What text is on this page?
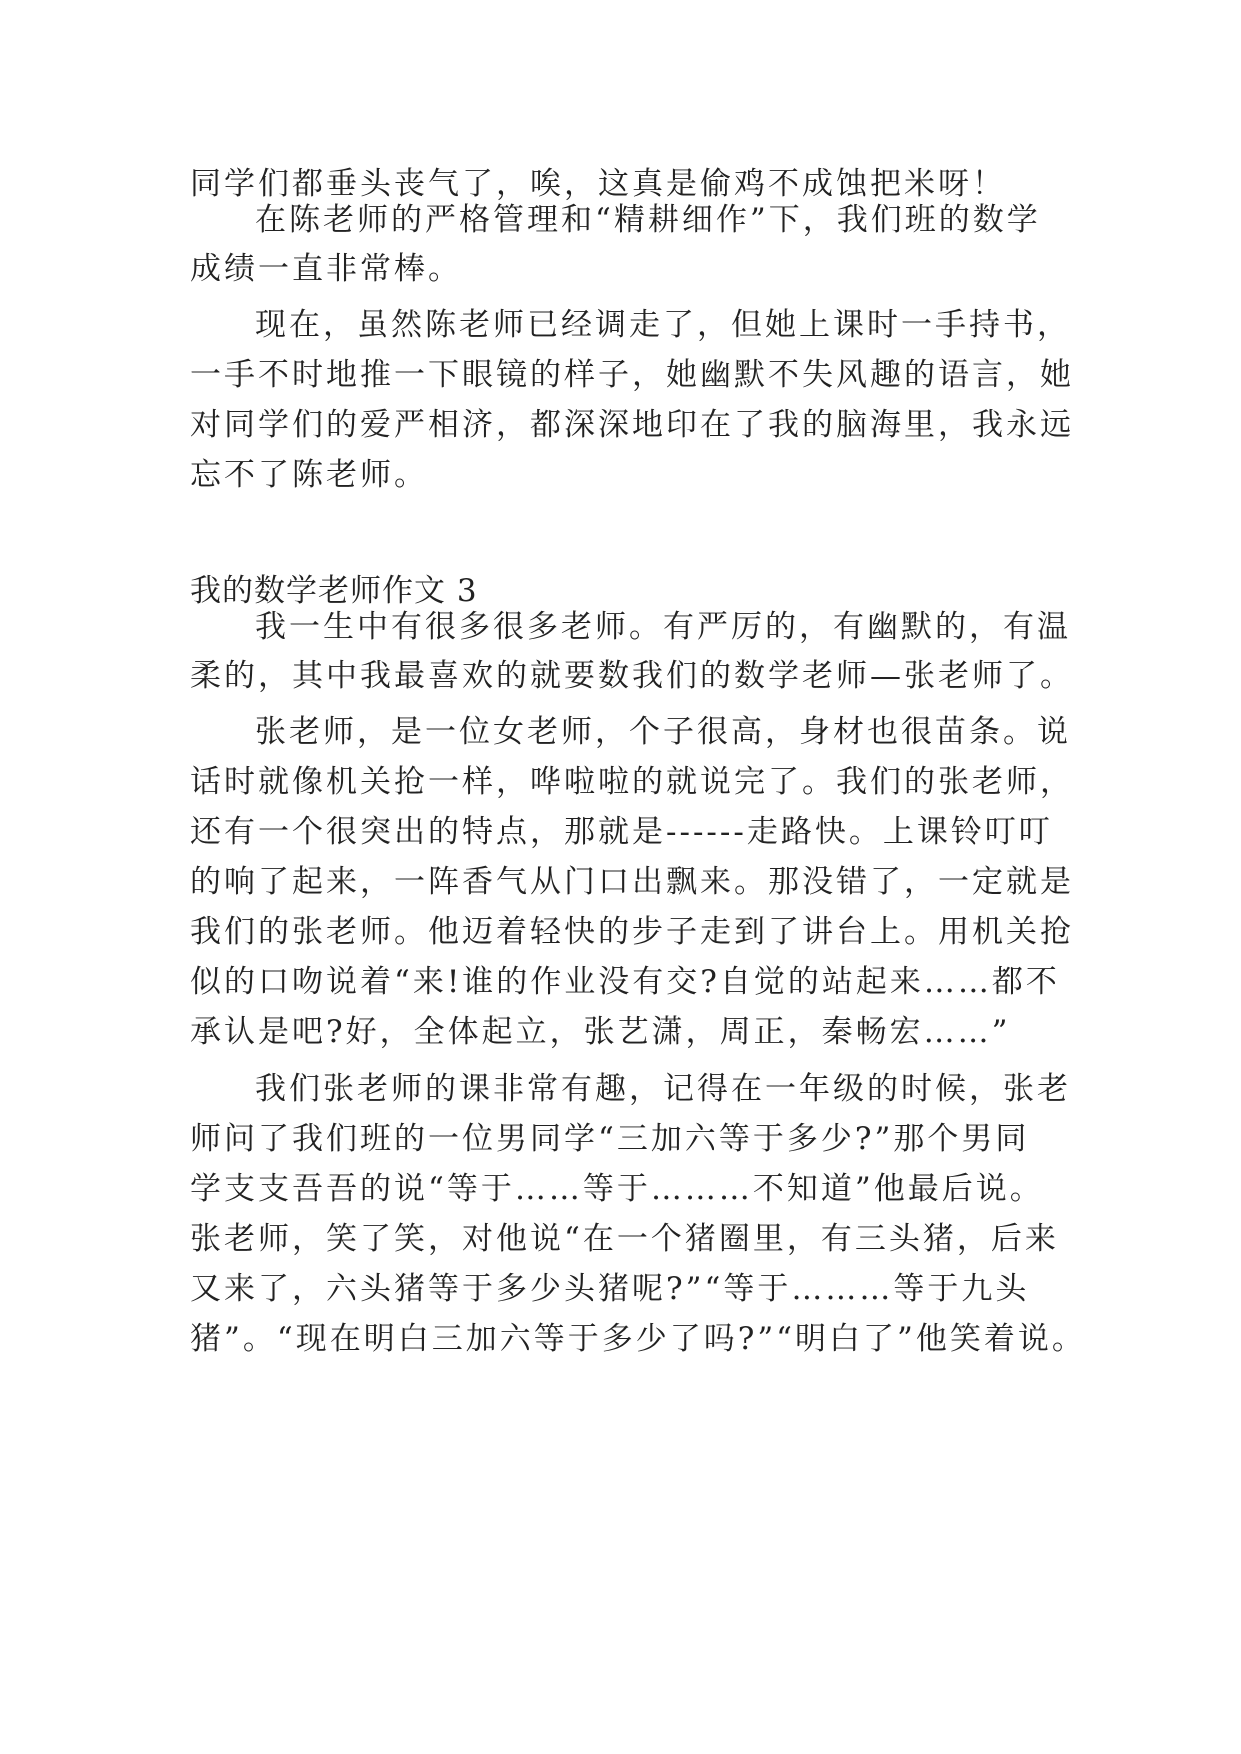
同学们都垂头丧气了，唉，这真是偷鸡不成蚀把米呀！
在陈老师的严格管理和“精耕细作”下，我们班的数学
成绩一直非常棒。
现在，虽然陈老师已经调走了，但她上课时一手持书，
一手不时地推一下眼镜的样子，她幽默不失风趣的语言，她
对同学们的爱严相济，都深深地印在了我的脑海里，我永远
忘不了陈老师。
我的数学老师作文 3
我一生中有很多很多老师。有严厉的，有幽默的，有温
柔的，其中我最喜欢的就要数我们的数学老师—张老师了。
张老师，是一位女老师，个子很高，身材也很苗条。说
话时就像机关抢一样，哗啦啦的就说完了。我们的张老师，
还有一个很突出的特点，那就是------走路快。上课铃叮叮
的响了起来，一阵香气从门口出飘来。那没错了，一定就是
我们的张老师。他迈着轻快的步子走到了讲台上。用机关抢
似的口吻说着“来!谁的作业没有交?自觉的站起来……都不
承认是吧?好，全体起立，张艺潇，周正，秦畅宏……”
我们张老师的课非常有趣，记得在一年级的时候，张老
师问了我们班的一位男同学“三加六等于多少?”那个男同
学支支吾吾的说“等于……等于………不知道”他最后说。
张老师，笑了笑，对他说“在一个猪圈里，有三头猪，后来
又来了，六头猪等于多少头猪呢?”“等于………等于九头
猪”。“现在明白三加六等于多少了吗?”“明白了”他笑着说。
